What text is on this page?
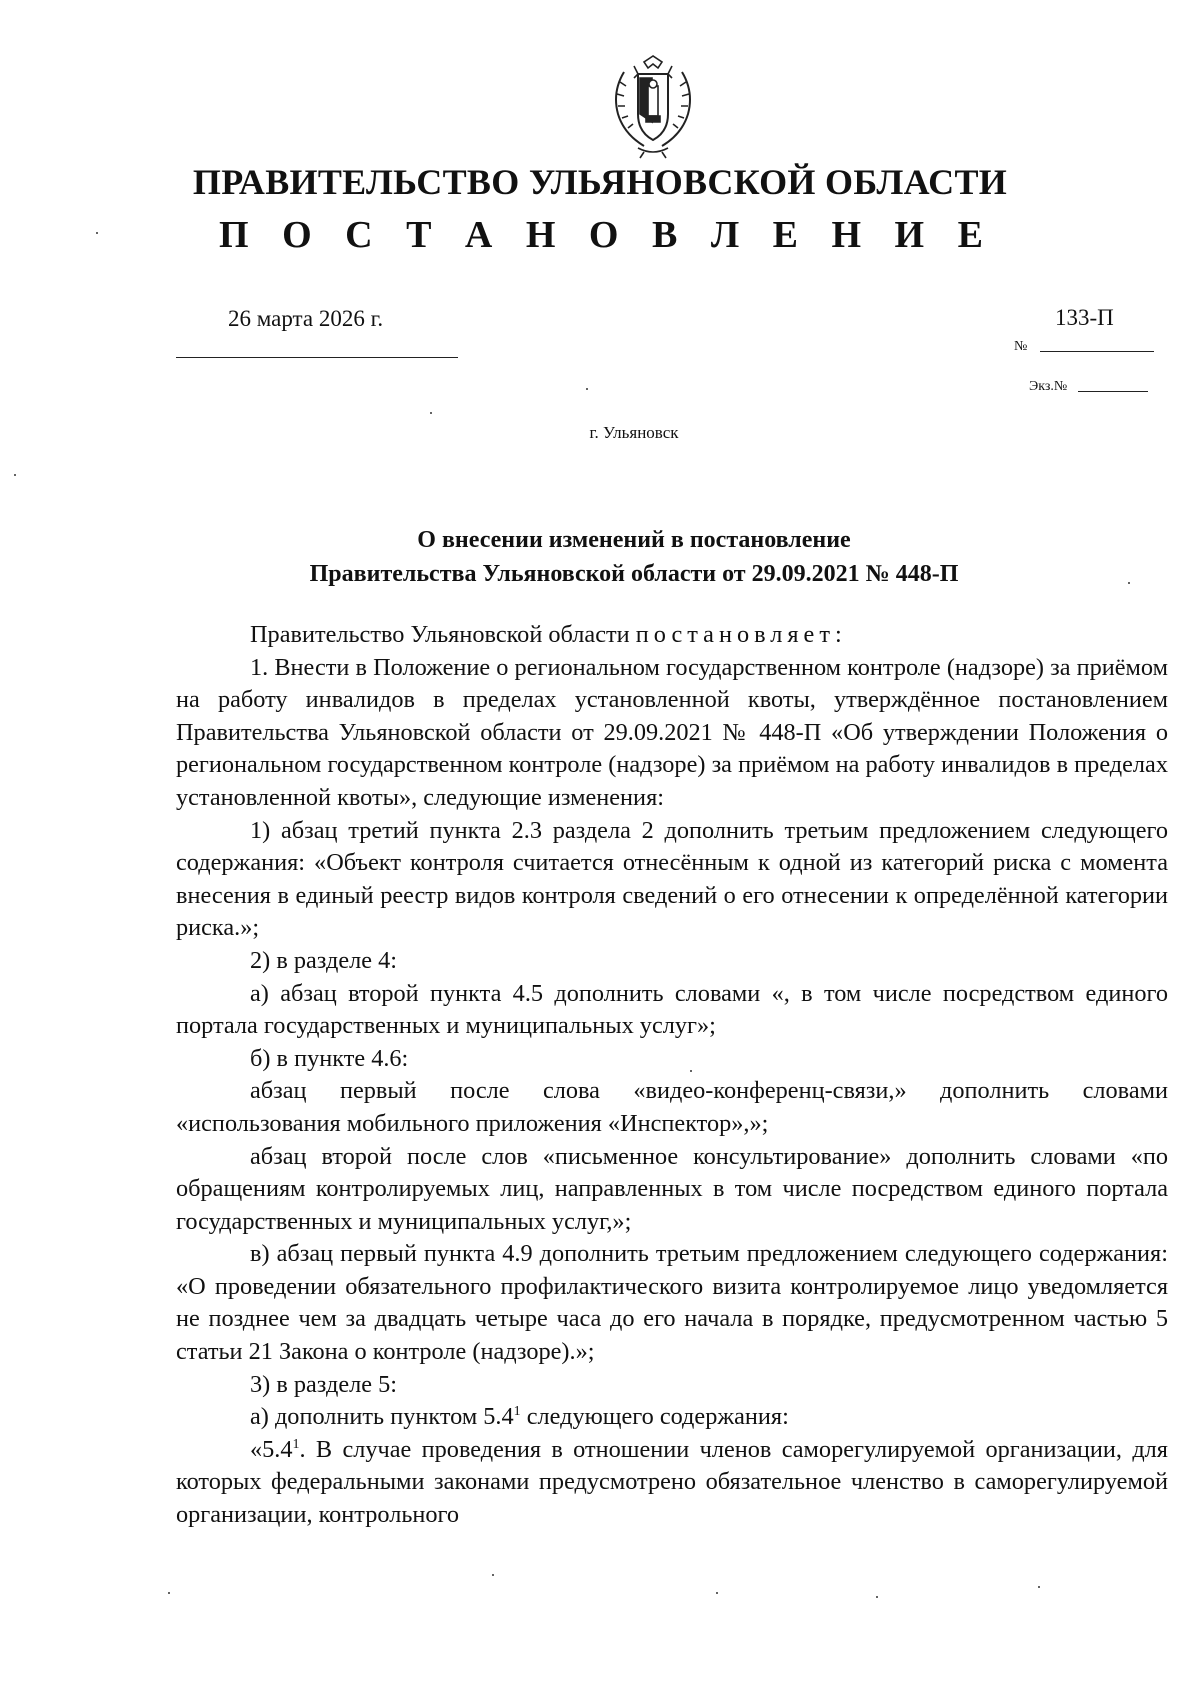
ПРАВИТЕЛЬСТВО УЛЬЯНОВСКОЙ ОБЛАСТИ
П О С Т А Н О В Л Е Н И Е
26 марта 2026 г.	133-П
№
Экз.№
г. Ульяновск
О внесении изменений в постановление
Правительства Ульяновской области от 29.09.2021 № 448-П

Правительство Ульяновской области постановляет:

1. Внести в Положение о региональном государственном контроле (надзоре) за приёмом на работу инвалидов в пределах установленной квоты, утверждённое постановлением Правительства Ульяновской области от 29.09.2021 № 448-П «Об утверждении Положения о региональном государственном контроле (надзоре) за приёмом на работу инвалидов в пределах установленной квоты», следующие изменения:

1) абзац третий пункта 2.3 раздела 2 дополнить третьим предложением следующего содержания: «Объект контроля считается отнесённым к одной из категорий риска с момента внесения в единый реестр видов контроля сведений о его отнесении к определённой категории риска.»;

2) в разделе 4:

а) абзац второй пункта 4.5 дополнить словами «, в том числе посредством единого портала государственных и муниципальных услуг»;

б) в пункте 4.6:

абзац первый после слова «видео-конференц-связи,» дополнить словами «использования мобильного приложения «Инспектор»,»;

абзац второй после слов «письменное консультирование» дополнить словами «по обращениям контролируемых лиц, направленных в том числе посредством единого портала государственных и муниципальных услуг,»;

в) абзац первый пункта 4.9 дополнить третьим предложением следующего содержания: «О проведении обязательного профилактического визита контролируемое лицо уведомляется не позднее чем за двадцать четыре часа до его начала в порядке, предусмотренном частью 5 статьи 21 Закона о контроле (надзоре).»;

3) в разделе 5:

а) дополнить пунктом $5.4^1$ следующего содержания:

«$5.4^1$. В случае проведения в отношении членов саморегулируемой организации, для которых федеральными законами предусмотрено обязательное членство в саморегулируемой организации, контрольного
